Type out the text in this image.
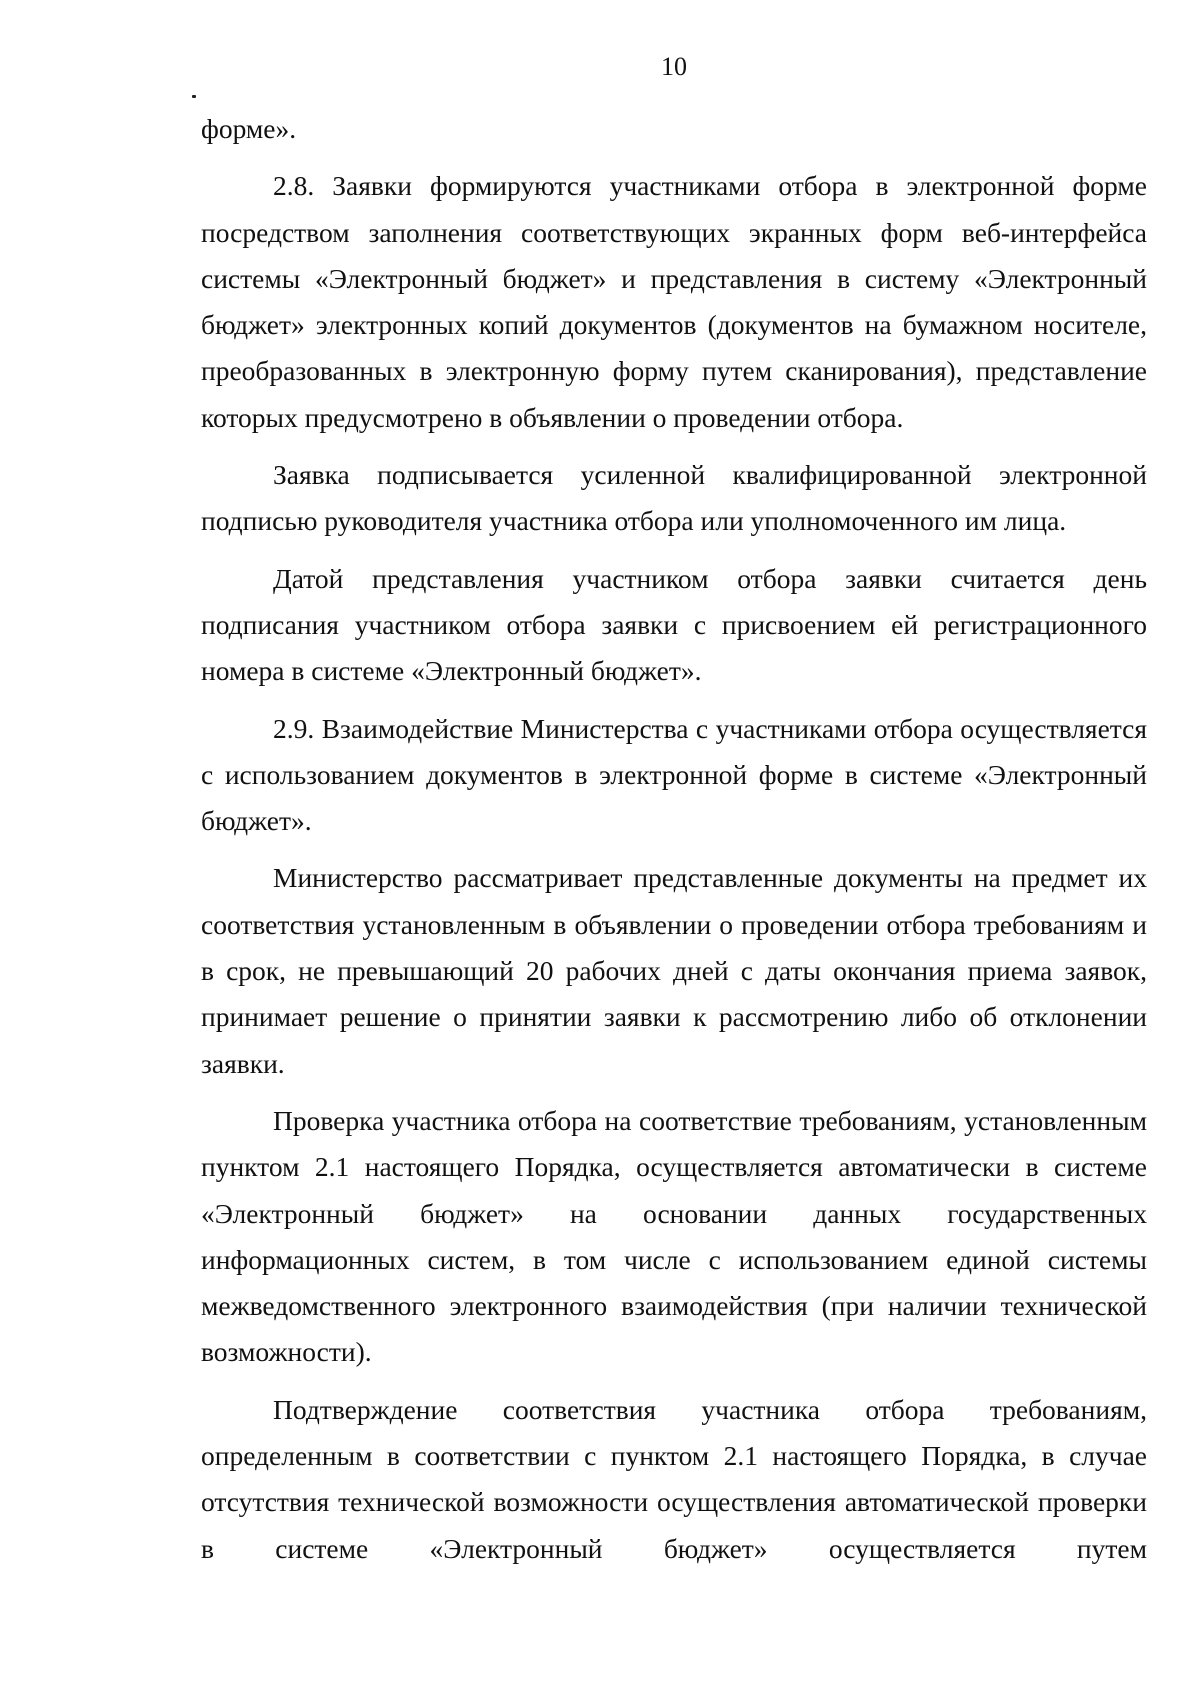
10

форме».

2.8. Заявки формируются участниками отбора в электронной форме посредством заполнения соответствующих экранных форм веб-интерфейса системы «Электронный бюджет» и представления в систему «Электронный бюджет» электронных копий документов (документов на бумажном носителе, преобразованных в электронную форму путем сканирования), представление которых предусмотрено в объявлении о проведении отбора.

Заявка подписывается усиленной квалифицированной электронной подписью руководителя участника отбора или уполномоченного им лица.

Датой представления участником отбора заявки считается день подписания участником отбора заявки с присвоением ей регистрационного номера в системе «Электронный бюджет».

2.9. Взаимодействие Министерства с участниками отбора осуществляется с использованием документов в электронной форме в системе «Электронный бюджет».

Министерство рассматривает представленные документы на предмет их соответствия установленным в объявлении о проведении отбора требованиям и в срок, не превышающий 20 рабочих дней с даты окончания приема заявок, принимает решение о принятии заявки к рассмотрению либо об отклонении заявки.

Проверка участника отбора на соответствие требованиям, установленным пунктом 2.1 настоящего Порядка, осуществляется автоматически в системе «Электронный бюджет» на основании данных государственных информационных систем, в том числе с использованием единой системы межведомственного электронного взаимодействия (при наличии технической возможности).

Подтверждение соответствия участника отбора требованиям, определенным в соответствии с пунктом 2.1 настоящего Порядка, в случае отсутствия технической возможности осуществления автоматической проверки в системе «Электронный бюджет» осуществляется путем
